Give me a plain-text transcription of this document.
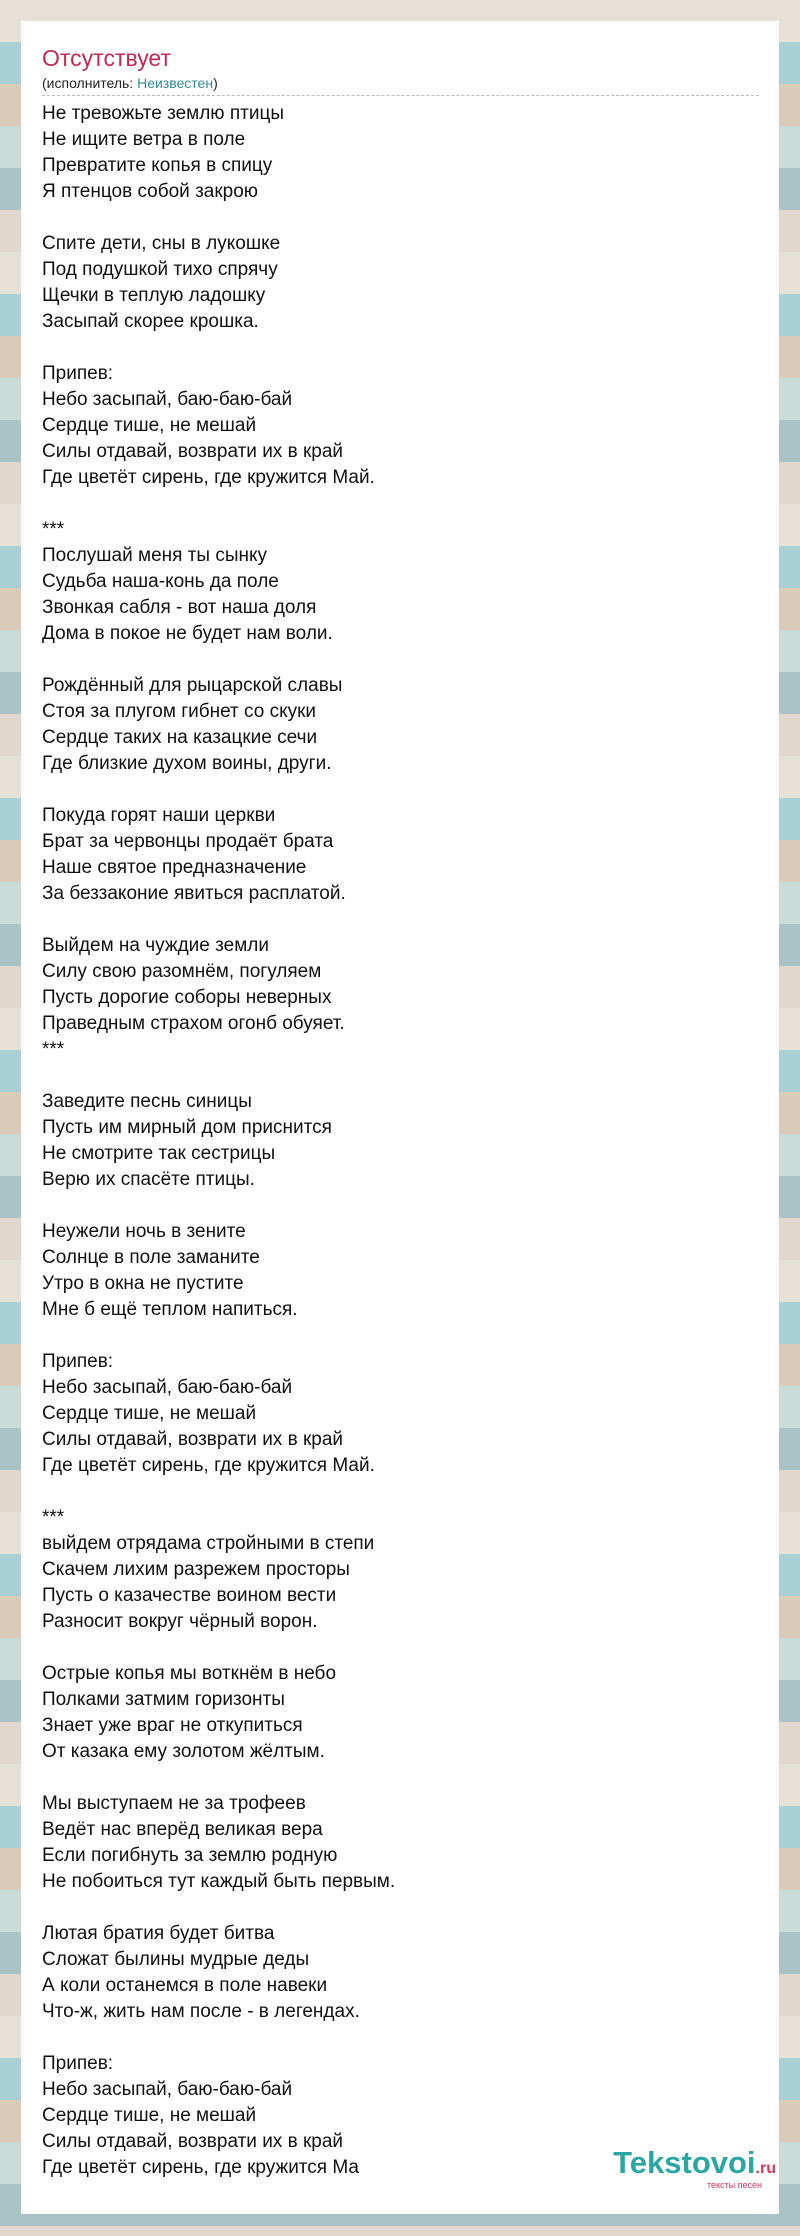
Отсутствует
(исполнитель: Неизвестен)
Не тревожьте землю птицы
Не ищите ветра в поле
Превратите копья в спицу
Я птенцов собой закрою
Спите дети, сны в лукошке
Под подушкой тихо спрячу
Щечки в теплую ладошку
Засыпай скорее крошка.
Припев:
Небо засыпай, баю-баю-бай
Сердце тише, не мешай
Силы отдавай, возврати их в край
Где цветёт сирень, где кружится Май.
***
Послушай меня ты сынку
Судьба наша-конь да поле
Звонкая сабля - вот наша доля
Дома в покое не будет нам воли.
Рождённый для рыцарской славы
Стоя за плугом гибнет со скуки
Сердце таких на казацкие сечи
Где близкие духом воины, други.
Покуда горят наши церкви
Брат за червонцы продаёт брата
Наше святое предназначение
За беззаконие явиться расплатой.
Выйдем на чуждие земли
Силу свою разомнём, погуляем
Пусть дорогие соборы неверных
Праведным страхом огонб обуяет.
***
Заведите песнь синицы
Пусть им мирный дом приснится
Не смотрите так сестрицы
Верю их спасёте птицы.
Неужели ночь в зените
Солнце в поле заманите
Утро в окна не пустите
Мне б ещё теплом напиться.
Припев:
Небо засыпай, баю-баю-бай
Сердце тише, не мешай
Силы отдавай, возврати их в край
Где цветёт сирень, где кружится Май.
***
выйдем отрядама стройными в степи
Скачем лихим разрежем просторы
Пусть о казачестве воином вести
Разносит вокруг чёрный ворон.
Острые копья мы воткнём в небо
Полками затмим горизонты
Знает уже враг не откупиться
От казака ему золотом жёлтым.
Мы выступаем не за трофеев
Ведёт нас вперёд великая вера
Если погибнуть за землю родную
Не побоиться тут каждый быть первым.
Лютая братия будет битва
Сложат былины мудрые деды
А коли останемся в поле навеки
Что-ж, жить нам после - в легендах.
Припев:
Небо засыпай, баю-баю-бай
Сердце тише, не мешай
Силы отдавай, возврати их в край
Где цветёт сирень, где кружится Ма	Tekstovoi.ru
тексты песен
